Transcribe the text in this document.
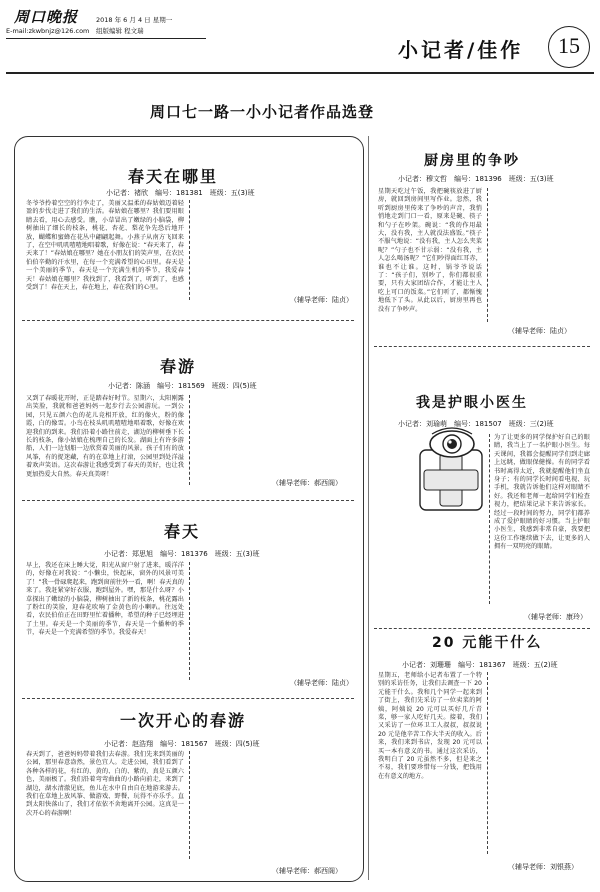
周口晚报
E-mail:zkwbnjz@126.com
2018 年 6 月 4 日 星期一
组版编辑 程文瑞
小记者/佳作	15
周口七一路一小小记者作品选登
春天在哪里
小记者：褚欣　编号：181381　班级：五(3)班
冬爷爷拎着空空的行李走了，美丽又温柔的春姑娘迈着轻盈的步伐走进了我们的生活。春姑娘在哪里？我们要用眼睛去看，用心去感受。瞧，小草冒出了嫩绿的小脑袋，柳树抽出了细长的枝条，桃花、杏花、梨花争先恐后地开放，蝴蝶和蜜蜂在花丛中翩翩起舞。小燕子从南方飞回来了，在空中叽叽喳喳地唱着歌，好像在说：“春天来了，春天来了！”春姑娘在哪里？她在小朋友们的笑声里，在农民伯伯辛勤的汗水里，在每一个充满希望的心田里。春天是一个美丽的季节，春天是一个充满生机的季节，我爱春天！春姑娘在哪里？我找到了，我看到了，听到了，也感受到了！春在天上，春在地上，春在我们的心里。
（辅导老师：陆贞）
春游
小记者：陈涵　编号：181569　班级：四(5)班
又到了春暖花开时，正是踏春好时节。星期六，太阳刚露出笑脸，我就和爸爸妈妈一起步行去公园游玩。一到公园，只见五颜六色的花儿竞相开放，红的像火，粉的像霞，白的像雪。小鸟在枝头叽叽喳喳地唱着歌，好像在欢迎我们的到来。我们沿着小路往前走，湖边的柳树垂下长长的枝条，像小姑娘在梳理自己的长发。湖面上有许多游船，人们一边划船一边欣赏着美丽的风景。孩子们有的放风筝，有的捉迷藏，有的在草地上打滚，公园里到处洋溢着欢声笑语。这次春游让我感受到了春天的美好，也让我更加热爱大自然。春天真美呀！
（辅导老师：郝西阁）
春天
小记者：郑思旭　编号：181376　班级：五(3)班
早上，我还在床上睡大觉，阳光从窗户射了进来，暖洋洋的，好像在对我说：“小懒虫，快起床，窗外的风景可美了！”我一骨碌爬起来，跑到窗前往外一看，啊！春天真的来了。我赶紧穿好衣服，跑到屋外。嘿，那是什么呀？小草探出了嫩绿的小脑袋，柳树抽出了新的枝条，桃花露出了粉红的笑脸，迎春花吹响了金黄色的小喇叭。往远处看，农民伯伯正在田野里忙着播种，希望的种子已经埋进了土里。春天是一个美丽的季节，春天是一个播种的季节，春天是一个充满希望的季节。我爱春天！
（辅导老师：陆贞）
一次开心的春游
小记者：赵浩翔　编号：181567　班级：四(5)班
春天到了，爸爸妈妈带着我们去春游。我们先来到美丽的公园，那里春意盎然，景色宜人。走进公园，我们看到了各种各样的花，有红的、黄的、白的、紫的，真是五颜六色，美丽极了。我们沿着弯弯曲曲的小路向前走，来到了湖边，湖水清澈见底，鱼儿在水中自由自在地游来游去。我们在草地上放风筝、做游戏、野餐，玩得不亦乐乎。直到太阳快落山了，我们才依依不舍地离开公园。这真是一次开心的春游啊！
（辅导老师：郝西阁）
厨房里的争吵
小记者：穆文哲　编号：181396　班级：五(3)班
星期天吃过午饭，我把碗筷放进了厨房，就回到房间里写作业。忽然，我听到厨房里传来了争吵的声音，我悄悄地走到门口一看，原来是碗、筷子和勺子在吵架。碗说：“我的作用最大，没有我，主人就没法盛饭。”筷子不服气地说：“没有我，主人怎么夹菜呢？”勺子也不甘示弱：“没有我，主人怎么喝汤呢？”它们吵得面红耳赤，谁也不让谁。这时，锅爷爷说话了：“孩子们，别吵了，你们都很重要，只有大家团结合作，才能让主人吃上可口的饭菜。”它们听了，都惭愧地低下了头。从此以后，厨房里再也没有了争吵声。
（辅导老师：陆贞）
我是护眼小医生
小记者：刘瑜萌　编号：181507　班级：三(2)班
为了让更多的同学保护好自己的眼睛，我当上了一名护眼小医生。每天课间，我都会提醒同学们到走廊上远眺，做眼保健操。有的同学看书时离得太近，我就提醒他们坐直身子；有的同学长时间看电视、玩手机，我就告诉他们这样对眼睛不好。我还和老师一起给同学们检查视力，把结果记录下来告诉家长。经过一段时间的努力，同学们都养成了爱护眼睛的好习惯。当上护眼小医生，我感到非常自豪，我要把这份工作继续做下去，让更多的人拥有一双明亮的眼睛。
（辅导老师：康玲）
20 元能干什么
小记者：刘珊珊　编号：181367　班级：五(2)班
星期五，老师给小记者布置了一个特别的采访任务，让我们去调查一下 20 元能干什么。我和几个同学一起来到了街上，我们先采访了一位卖菜的阿姨，阿姨说 20 元可以买好几斤青菜，够一家人吃好几天。接着，我们又采访了一位环卫工人叔叔，叔叔说 20 元是他辛苦工作大半天的收入。后来，我们来到书店，发现 20 元可以买一本有意义的书。通过这次采访，我明白了 20 元虽然不多，但是来之不易，我们要珍惜每一分钱，把钱用在有意义的地方。
（辅导老师：刘银燕）
